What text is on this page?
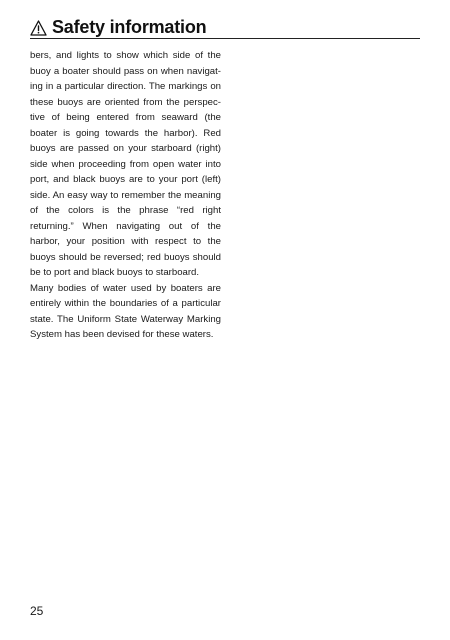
Safety information

bers, and lights to show which side of the buoy a boater should pass on when navigating in a particular direction. The markings on these buoys are oriented from the perspective of being entered from seaward (the boater is going towards the harbor). Red buoys are passed on your starboard (right) side when proceeding from open water into port, and black buoys are to your port (left) side. An easy way to remember the meaning of the colors is the phrase “red right returning.” When navigating out of the harbor, your position with respect to the buoys should be reversed; red buoys should be to port and black buoys to starboard.

Many bodies of water used by boaters are entirely within the boundaries of a particular state. The Uniform State Waterway Marking System has been devised for these waters.

25
